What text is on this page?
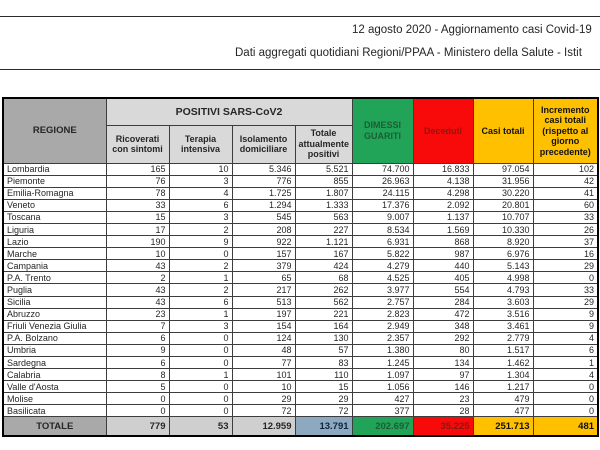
12 agosto 2020 - Aggiornamento casi Covid-19
Dati aggregati quotidiani Regioni/PPAA - Ministero della Salute - Istit
REGIONE	POSITIVI SARS-CoV2				DIMESSI GUARITI	Deceduti	Casi totali	Incremento casi totali (rispetto al giorno precedente)
	Ricoverati con sintomi	Terapia intensiva	Isolamento domiciliare	Totale attualmente positivi				
Lombardia	165	10	5.346	5.521	74.700	16.833	97.054	102
Piemonte	76	3	776	855	26.963	4.138	31.956	42
Emilia-Romagna	78	4	1.725	1.807	24.115	4.298	30.220	41
Veneto	33	6	1.294	1.333	17.376	2.092	20.801	60
Toscana	15	3	545	563	9.007	1.137	10.707	33
Liguria	17	2	208	227	8.534	1.569	10.330	26
Lazio	190	9	922	1.121	6.931	868	8.920	37
Marche	10	0	157	167	5.822	987	6.976	16
Campania	43	2	379	424	4.279	440	5.143	29
P.A. Trento	2	1	65	68	4.525	405	4.998	0
Puglia	43	2	217	262	3.977	554	4.793	33
Sicilia	43	6	513	562	2.757	284	3.603	29
Abruzzo	23	1	197	221	2.823	472	3.516	9
Friuli Venezia Giulia	7	3	154	164	2.949	348	3.461	9
P.A. Bolzano	6	0	124	130	2.357	292	2.779	4
Umbria	9	0	48	57	1.380	80	1.517	6
Sardegna	6	0	77	83	1.245	134	1.462	1
Calabria	8	1	101	110	1.097	97	1.304	4
Valle d'Aosta	5	0	10	15	1.056	146	1.217	0
Molise	0	0	29	29	427	23	479	0
Basilicata	0	0	72	72	377	28	477	0
TOTALE	779	53	12.959	13.791	202.697	35.225	251.713	481
